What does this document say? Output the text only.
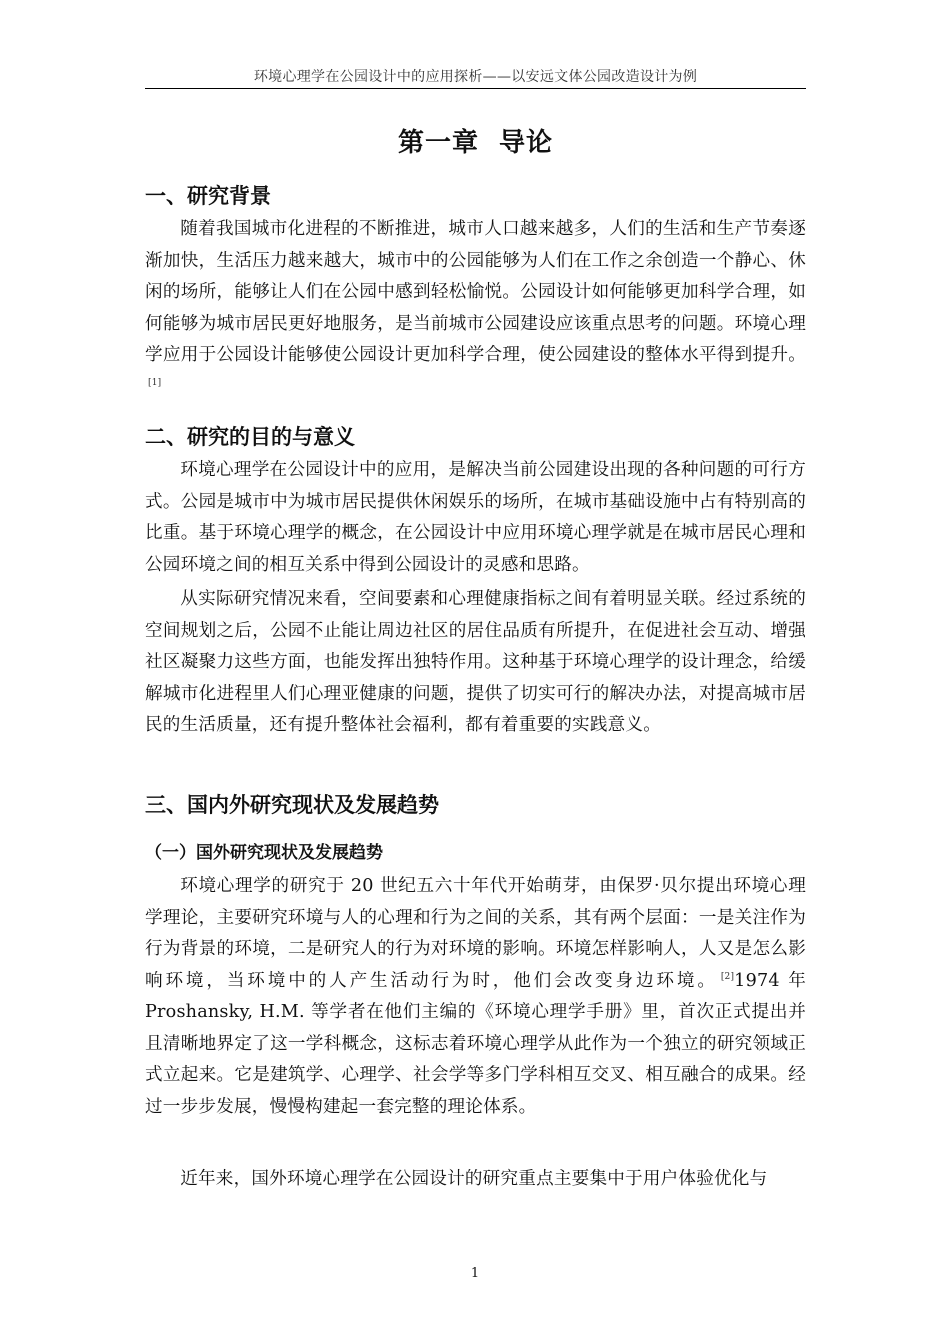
环境心理学在公园设计中的应用探析——以安远文体公园改造设计为例
第一章  导论
一、研究背景

随着我国城市化进程的不断推进，城市人口越来越多，人们的生活和生产节奏逐渐加快，生活压力越来越大，城市中的公园能够为人们在工作之余创造一个静心、休闲的场所，能够让人们在公园中感到轻松愉悦。公园设计如何能够更加科学合理，如何能够为城市居民更好地服务，是当前城市公园建设应该重点思考的问题。环境心理学应用于公园设计能够使公园设计更加科学合理，使公园建设的整体水平得到提升。[1]

二、研究的目的与意义

环境心理学在公园设计中的应用，是解决当前公园建设出现的各种问题的可行方式。公园是城市中为城市居民提供休闲娱乐的场所，在城市基础设施中占有特别高的比重。基于环境心理学的概念，在公园设计中应用环境心理学就是在城市居民心理和公园环境之间的相互关系中得到公园设计的灵感和思路。

从实际研究情况来看，空间要素和心理健康指标之间有着明显关联。经过系统的空间规划之后，公园不止能让周边社区的居住品质有所提升，在促进社会互动、增强社区凝聚力这些方面，也能发挥出独特作用。这种基于环境心理学的设计理念，给缓解城市化进程里人们心理亚健康的问题，提供了切实可行的解决办法，对提高城市居民的生活质量，还有提升整体社会福利，都有着重要的实践意义。

三、国内外研究现状及发展趋势
（一）国外研究现状及发展趋势

环境心理学的研究于 20 世纪五六十年代开始萌芽，由保罗·贝尔提出环境心理学理论，主要研究环境与人的心理和行为之间的关系，其有两个层面：一是关注作为行为背景的环境，二是研究人的行为对环境的影响。环境怎样影响人，人又是怎么影响环境，当环境中的人产生活动行为时，他们会改变身边环境。 [2]1974 年 Proshansky, H.M. 等学者在他们主编的《环境心理学手册》里，首次正式提出并且清晰地界定了这一学科概念，这标志着环境心理学从此作为一个独立的研究领域正式立起来。它是建筑学、心理学、社会学等多门学科相互交叉、相互融合的成果。经过一步步发展，慢慢构建起一套完整的理论体系。

近年来，国外环境心理学在公园设计的研究重点主要集中于用户体验优化与

1
